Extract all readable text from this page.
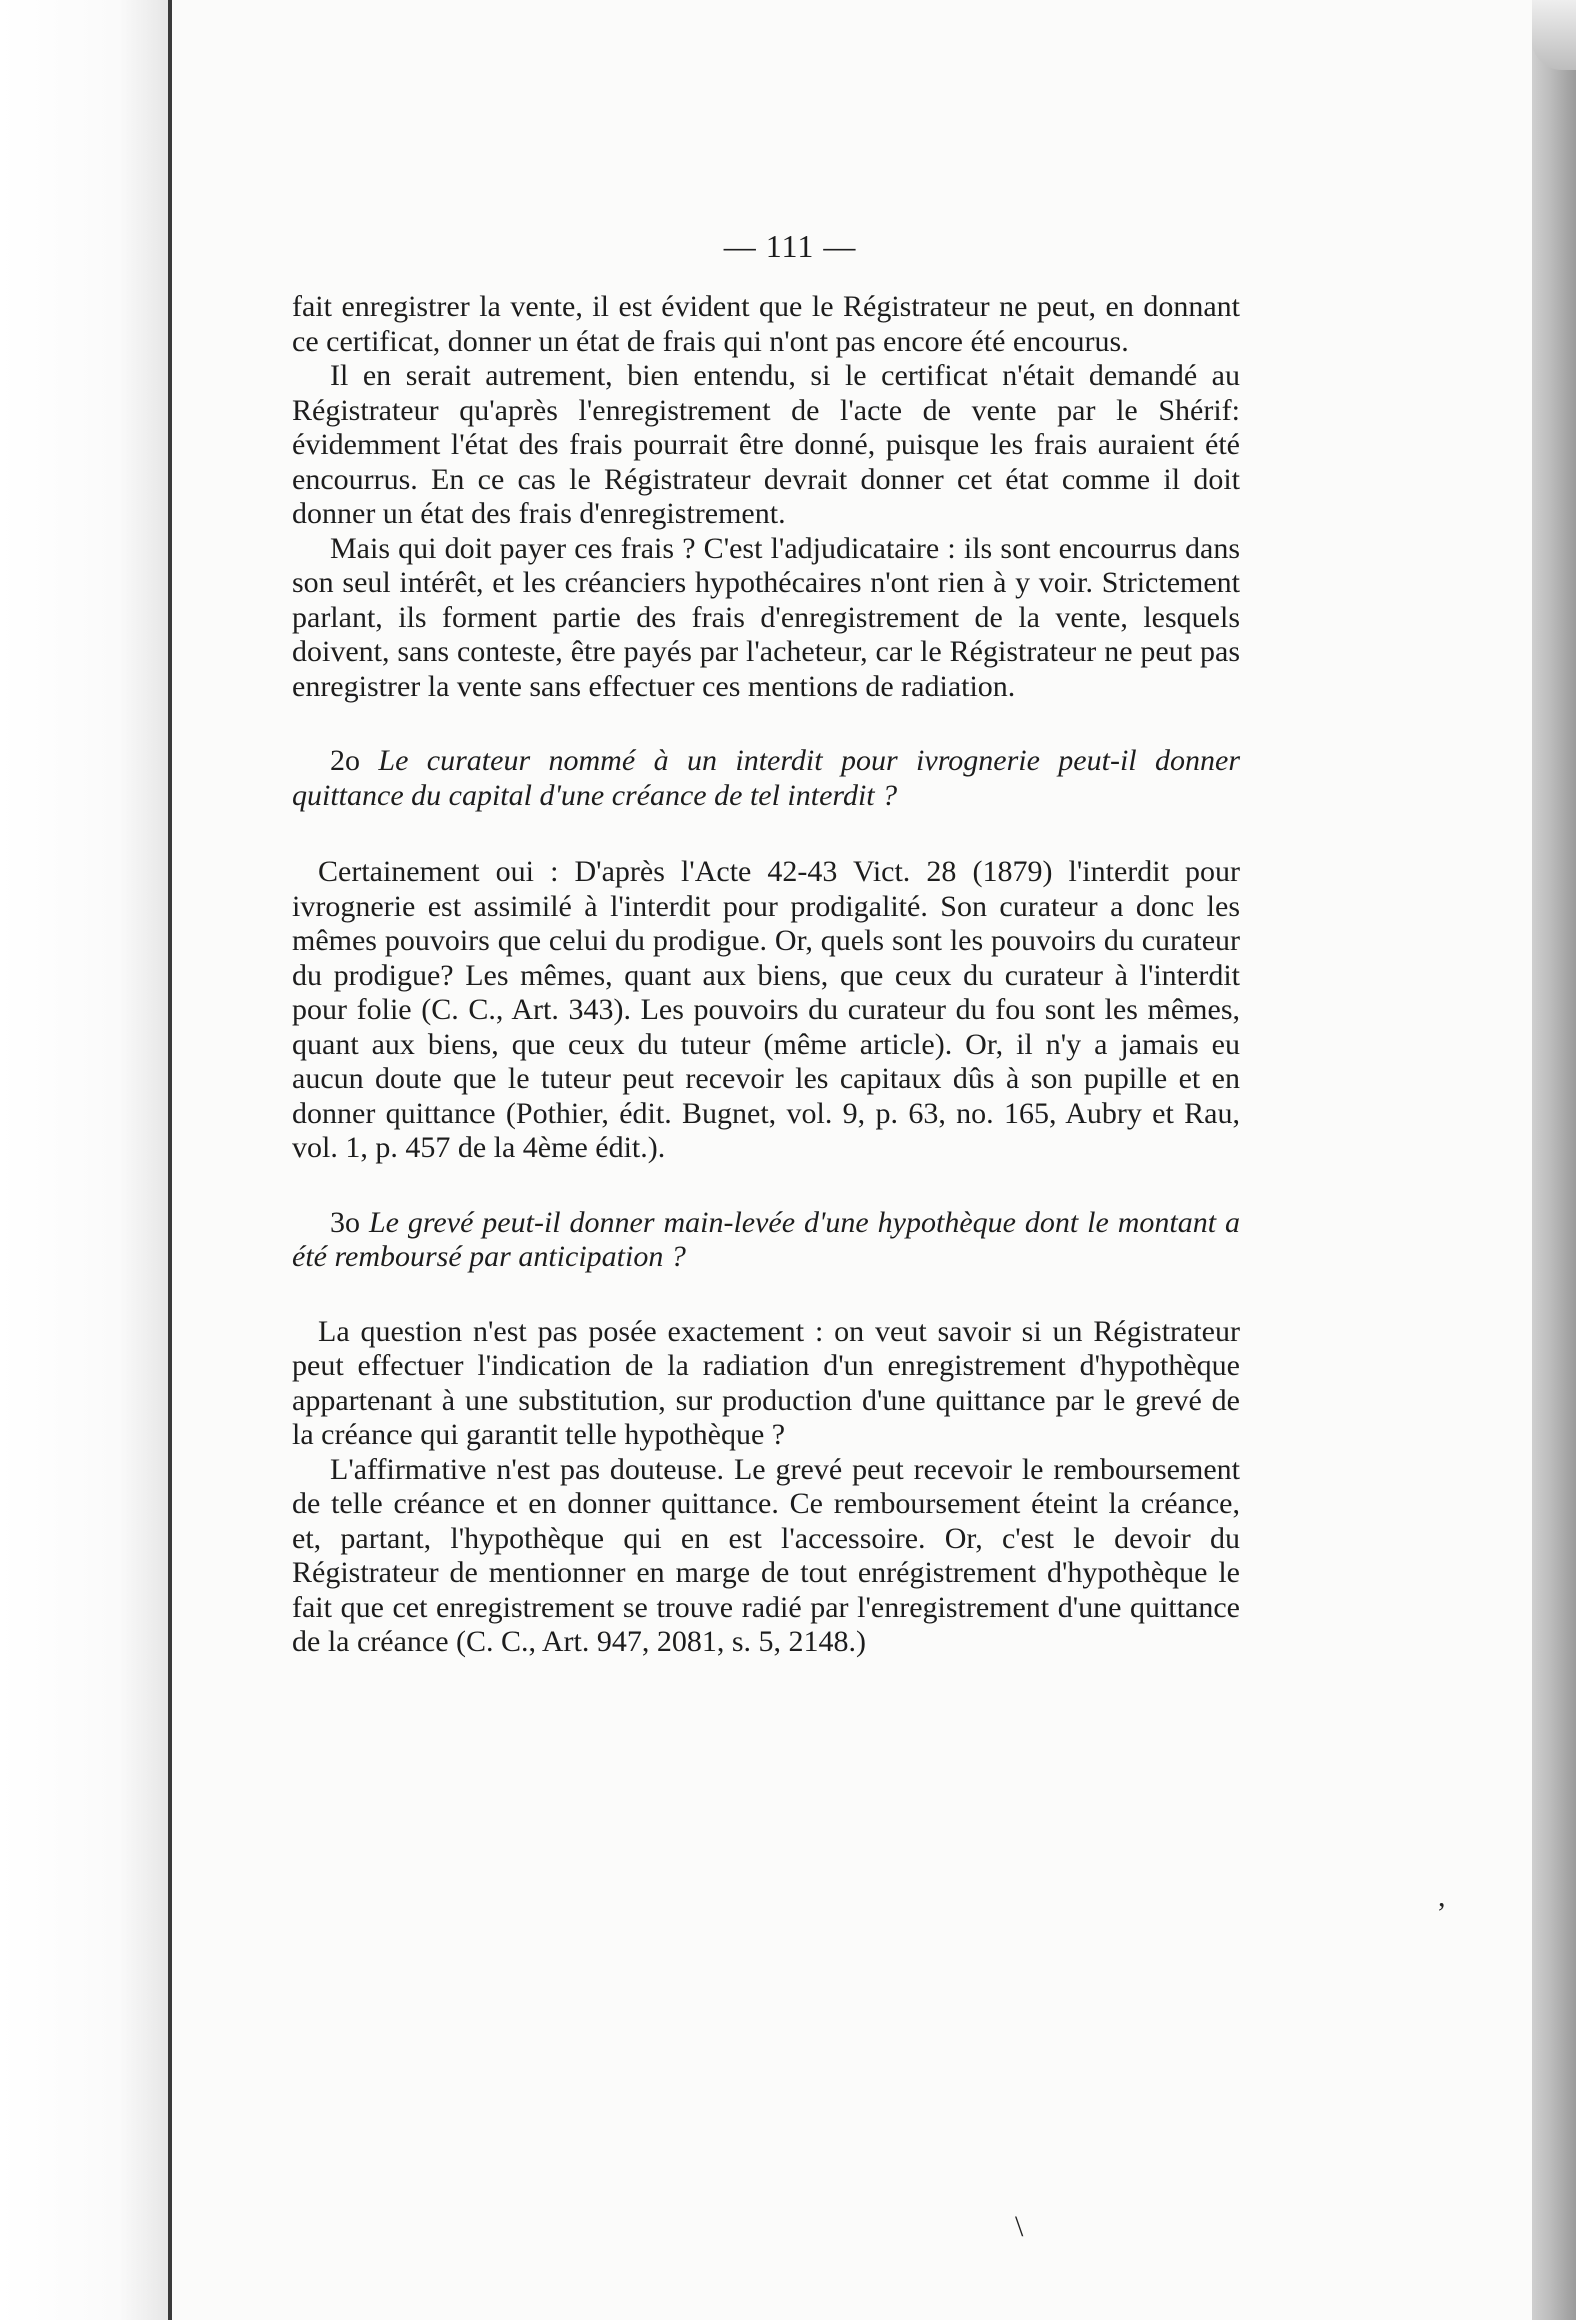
— 111 —

fait enregistrer la vente, il est évident que le Régistrateur ne peut, en donnant ce certificat, donner un état de frais qui n'ont pas encore été encourus.

Il en serait autrement, bien entendu, si le certificat n'était demandé au Régistrateur qu'après l'enregistrement de l'acte de vente par le Shérif: évidemment l'état des frais pourrait être donné, puisque les frais auraient été encourrus. En ce cas le Régistrateur devrait donner cet état comme il doit donner un état des frais d'enregistrement.

Mais qui doit payer ces frais ? C'est l'adjudicataire : ils sont encourrus dans son seul intérêt, et les créanciers hypothécaires n'ont rien à y voir. Strictement parlant, ils forment partie des frais d'enregistrement de la vente, lesquels doivent, sans conteste, être payés par l'acheteur, car le Régistrateur ne peut pas enregistrer la vente sans effectuer ces mentions de radiation.

2o Le curateur nommé à un interdit pour ivrognerie peut-il donner quittance du capital d'une créance de tel interdit ?

Certainement oui : D'après l'Acte 42-43 Vict. 28 (1879) l'interdit pour ivrognerie est assimilé à l'interdit pour prodigalité. Son curateur a donc les mêmes pouvoirs que celui du prodigue. Or, quels sont les pouvoirs du curateur du prodigue? Les mêmes, quant aux biens, que ceux du curateur à l'interdit pour folie (C. C., Art. 343). Les pouvoirs du curateur du fou sont les mêmes, quant aux biens, que ceux du tuteur (même article). Or, il n'y a jamais eu aucun doute que le tuteur peut recevoir les capitaux dûs à son pupille et en donner quittance (Pothier, édit. Bugnet, vol. 9, p. 63, no. 165, Aubry et Rau, vol. 1, p. 457 de la 4ème édit.).

3o Le grevé peut-il donner main-levée d'une hypothèque dont le montant a été remboursé par anticipation ?

La question n'est pas posée exactement : on veut savoir si un Régistrateur peut effectuer l'indication de la radiation d'un enregistrement d'hypothèque appartenant à une substitution, sur production d'une quittance par le grevé de la créance qui garantit telle hypothèque ?

L'affirmative n'est pas douteuse. Le grevé peut recevoir le remboursement de telle créance et en donner quittance. Ce remboursement éteint la créance, et, partant, l'hypothèque qui en est l'accessoire. Or, c'est le devoir du Régistrateur de mentionner en marge de tout enrégistrement d'hypothèque le fait que cet enregistrement se trouve radié par l'enregistrement d'une quittance de la créance (C. C., Art. 947, 2081, s. 5, 2148.)

,
\
